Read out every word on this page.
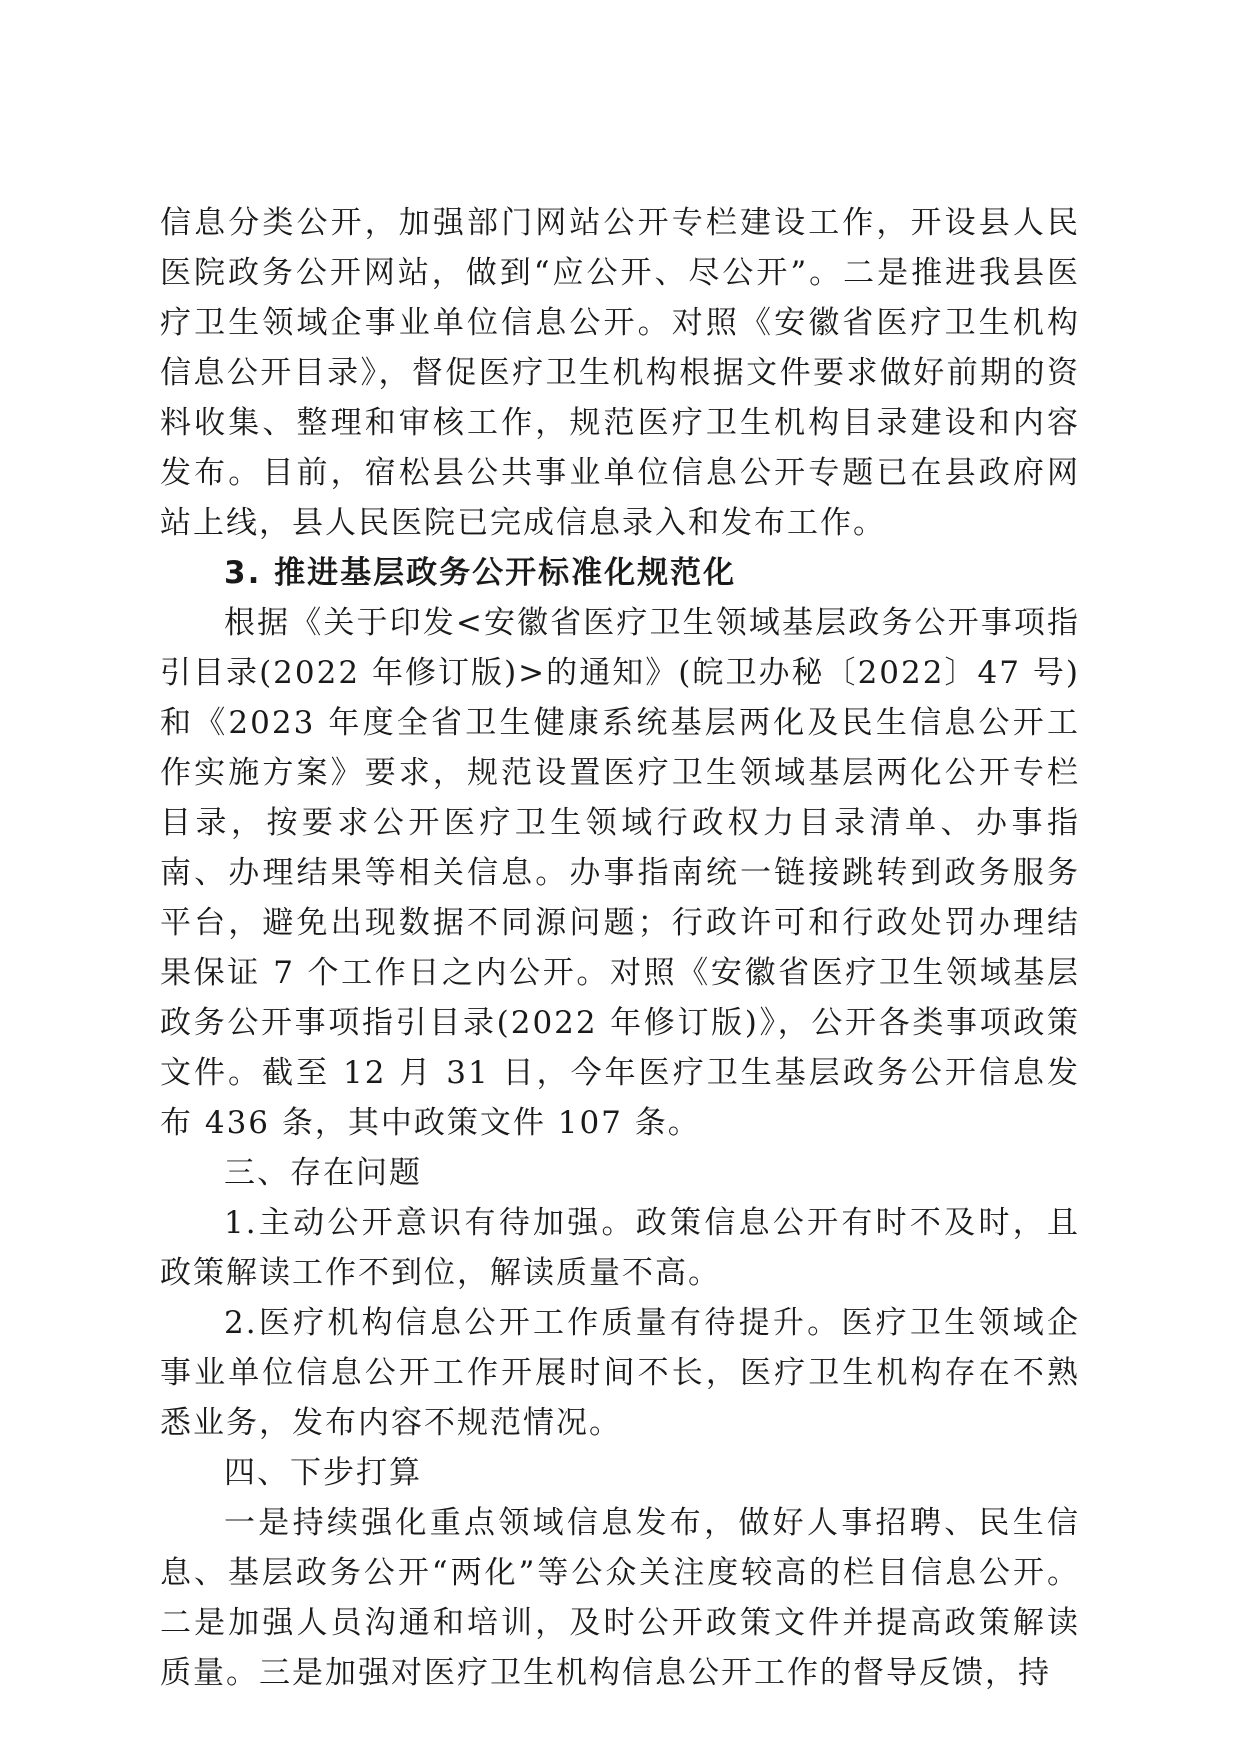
信息分类公开，加强部门网站公开专栏建设工作，开设县人民医院政务公开网站，做到“应公开、尽公开”。二是推进我县医疗卫生领域企事业单位信息公开。对照《安徽省医疗卫生机构信息公开目录》，督促医疗卫生机构根据文件要求做好前期的资料收集、整理和审核工作，规范医疗卫生机构目录建设和内容发布。目前，宿松县公共事业单位信息公开专题已在县政府网站上线，县人民医院已完成信息录入和发布工作。

3. 推进基层政务公开标准化规范化

根据《关于印发<安徽省医疗卫生领域基层政务公开事项指引目录(2022 年修订版)>的通知》(皖卫办秘〔2022〕47 号)和《2023 年度全省卫生健康系统基层两化及民生信息公开工作实施方案》要求，规范设置医疗卫生领域基层两化公开专栏目录，按要求公开医疗卫生领域行政权力目录清单、办事指南、办理结果等相关信息。办事指南统一链接跳转到政务服务平台，避免出现数据不同源问题；行政许可和行政处罚办理结果保证 7 个工作日之内公开。对照《安徽省医疗卫生领域基层政务公开事项指引目录(2022 年修订版)》，公开各类事项政策文件。截至 12 月 31 日，今年医疗卫生基层政务公开信息发布 436 条，其中政策文件 107 条。

三、存在问题

1.主动公开意识有待加强。政策信息公开有时不及时，且政策解读工作不到位，解读质量不高。

2.医疗机构信息公开工作质量有待提升。医疗卫生领域企事业单位信息公开工作开展时间不长，医疗卫生机构存在不熟悉业务，发布内容不规范情况。

四、下步打算

一是持续强化重点领域信息发布，做好人事招聘、民生信息、基层政务公开“两化”等公众关注度较高的栏目信息公开。二是加强人员沟通和培训，及时公开政策文件并提高政策解读质量。三是加强对医疗卫生机构信息公开工作的督导反馈，持
